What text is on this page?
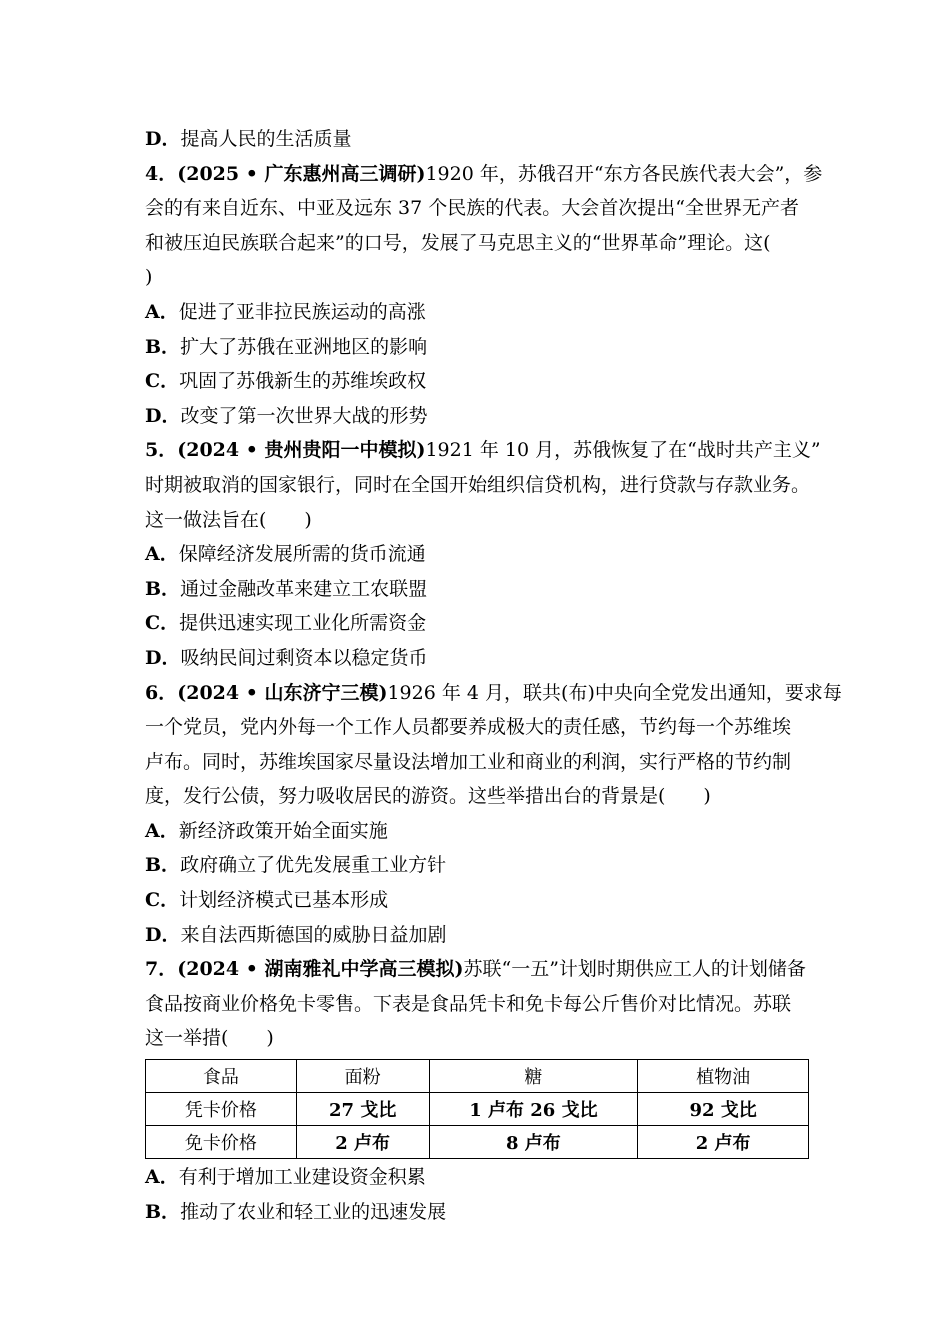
D．提高人民的生活质量
4．(2025 • 广东惠州高三调研)1920 年，苏俄召开“东方各民族代表大会”，参
会的有来自近东、中亚及远东 37 个民族的代表。大会首次提出“全世界无产者
和被压迫民族联合起来”的口号，发展了马克思主义的“世界革命”理论。这(
)
A．促进了亚非拉民族运动的高涨
B．扩大了苏俄在亚洲地区的影响
C．巩固了苏俄新生的苏维埃政权
D．改变了第一次世界大战的形势
5．(2024 • 贵州贵阳一中模拟)1921 年 10 月，苏俄恢复了在“战时共产主义”
时期被取消的国家银行，同时在全国开始组织信贷机构，进行贷款与存款业务。
这一做法旨在(　　)
A．保障经济发展所需的货币流通
B．通过金融改革来建立工农联盟
C．提供迅速实现工业化所需资金
D．吸纳民间过剩资本以稳定货币
6．(2024 • 山东济宁三模)1926 年 4 月，联共(布)中央向全党发出通知，要求每
一个党员，党内外每一个工作人员都要养成极大的责任感，节约每一个苏维埃
卢布。同时，苏维埃国家尽量设法增加工业和商业的利润，实行严格的节约制
度，发行公债，努力吸收居民的游资。这些举措出台的背景是(　　)
A．新经济政策开始全面实施
B．政府确立了优先发展重工业方针
C．计划经济模式已基本形成
D．来自法西斯德国的威胁日益加剧
7．(2024 • 湖南雅礼中学高三模拟)苏联“一五”计划时期供应工人的计划储备
食品按商业价格免卡零售。下表是食品凭卡和免卡每公斤售价对比情况。苏联
这一举措(　　)
食品	面粉	糖	植物油
凭卡价格	27 戈比	1 卢布 26 戈比	92 戈比
免卡价格	2 卢布	8 卢布	2 卢布
A．有利于增加工业建设资金积累
B．推动了农业和轻工业的迅速发展
